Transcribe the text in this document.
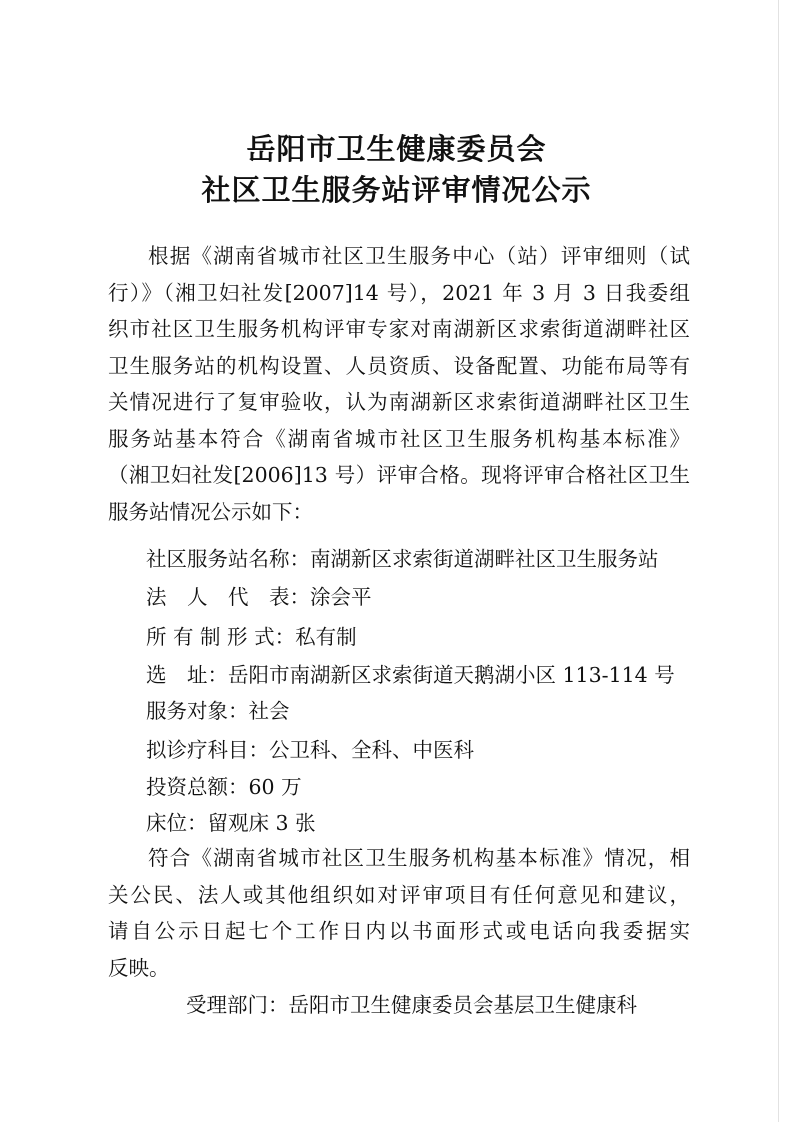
岳阳市卫生健康委员会
社区卫生服务站评审情况公示
根据《湖南省城市社区卫生服务中心（站）评审细则（试
行）》（湘卫妇社发[2007]14 号），2021 年 3 月 3 日我委组
织市社区卫生服务机构评审专家对南湖新区求索街道湖畔社区
卫生服务站的机构设置、人员资质、设备配置、功能布局等有
关情况进行了复审验收，认为南湖新区求索街道湖畔社区卫生
服务站基本符合《湖南省城市社区卫生服务机构基本标准》
（湘卫妇社发[2006]13 号）评审合格。现将评审合格社区卫生
服务站情况公示如下：
社区服务站名称：南湖新区求索街道湖畔社区卫生服务站
法　人　代　表：涂会平
所 有 制 形 式：私有制
选　址：岳阳市南湖新区求索街道天鹅湖小区 113-114 号
服务对象：社会
拟诊疗科目：公卫科、全科、中医科
投资总额：60 万
床位：留观床 3 张
符合《湖南省城市社区卫生服务机构基本标准》情况，相
关公民、法人或其他组织如对评审项目有任何意见和建议，
请自公示日起七个工作日内以书面形式或电话向我委据实
反映。
受理部门：岳阳市卫生健康委员会基层卫生健康科
